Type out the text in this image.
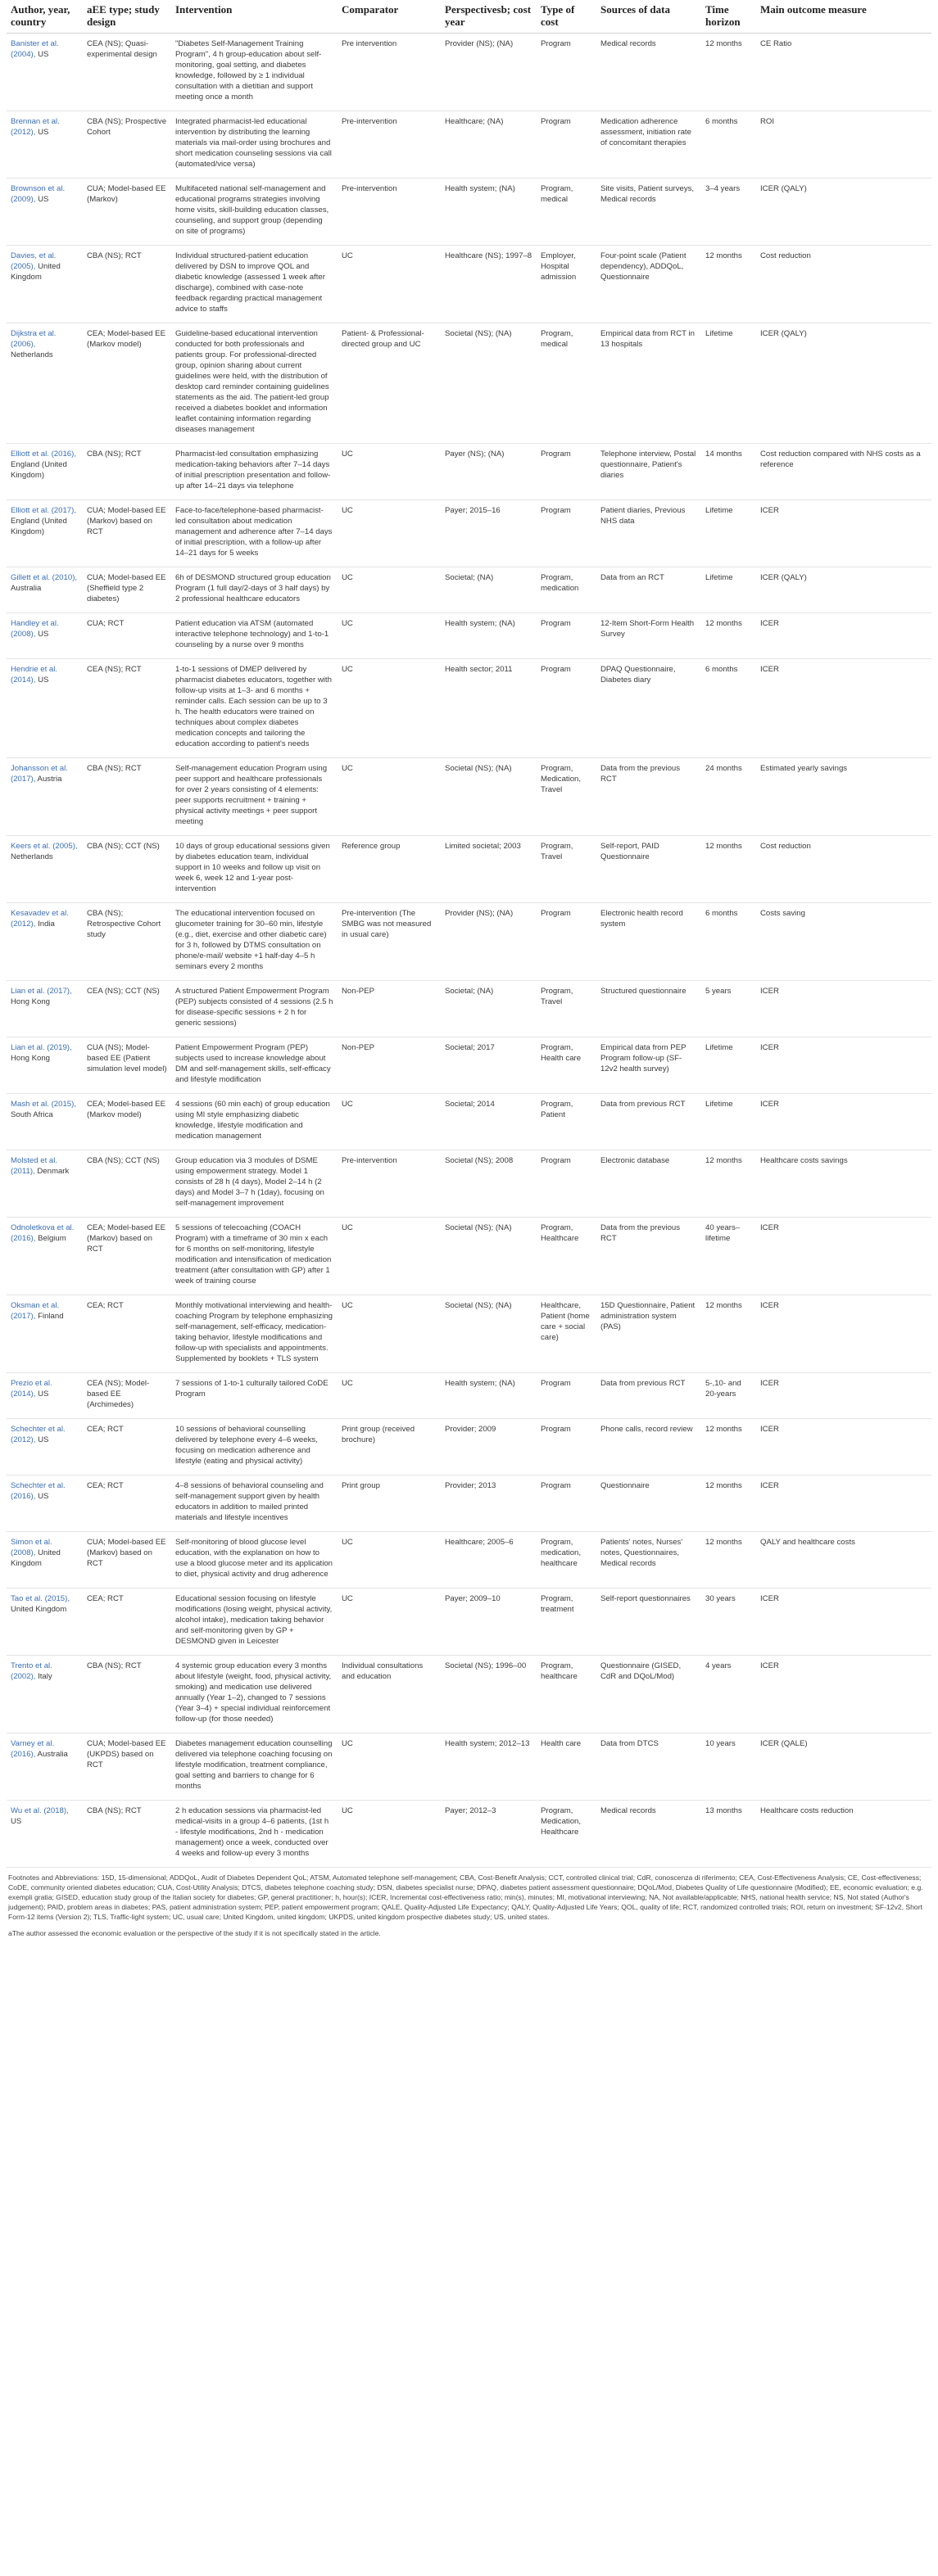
Author, year, country	aEE type; study design	Intervention	Comparator	Perspectivesb; cost year	Type of cost	Sources of data	Time horizon	Main outcome measure
Banister et al. (2004), US	CEA (NS); Quasi-experimental design	"Diabetes Self-Management Training Program", 4 h group-education about self-monitoring, goal setting, and diabetes knowledge, followed by ≥ 1 individual consultation with a dietitian and support meeting once a month	Pre intervention	Provider (NS); (NA)	Program	Medical records	12 months	CE Ratio
Brennan et al. (2012), US	CBA (NS); Prospective Cohort	Integrated pharmacist-led educational intervention by distributing the learning materials via mail-order using brochures and short medication counseling sessions via call (automated/vice versa)	Pre-intervention	Healthcare; (NA)	Program	Medication adherence assessment, initiation rate of concomitant therapies	6 months	ROI
Brownson et al. (2009), US	CUA; Model-based EE (Markov)	Multifaceted national self-management and educational programs strategies involving home visits, skill-building education classes, counseling, and support group (depending on site of programs)	Pre-intervention	Health system; (NA)	Program, medical	Site visits, Patient surveys, Medical records	3–4 years	ICER (QALY)
Davies, et al. (2005), United Kingdom	CBA (NS); RCT	Individual structured-patient education delivered by DSN to improve QOL and diabetic knowledge (assessed 1 week after discharge), combined with case-note feedback regarding practical management advice to staffs	UC	Healthcare (NS); 1997–8	Employer, Hospital admission	Four-point scale (Patient dependency), ADDQoL, Questionnaire	12 months	Cost reduction
Dijkstra et al. (2006), Netherlands	CEA; Model-based EE (Markov model)	Guideline-based educational intervention conducted for both professionals and patients group. For professional-directed group, opinion sharing about current guidelines were held, with the distribution of desktop card reminder containing guidelines statements as the aid. The patient-led group received a diabetes booklet and information leaflet containing information regarding diseases management	Patient- & Professional-directed group and UC	Societal (NS); (NA)	Program, medical	Empirical data from RCT in 13 hospitals	Lifetime	ICER (QALY)
Elliott et al. (2016), England (United Kingdom)	CBA (NS); RCT	Pharmacist-led consultation emphasizing medication-taking behaviors after 7–14 days of initial prescription presentation and follow-up after 14–21 days via telephone	UC	Payer (NS); (NA)	Program	Telephone interview, Postal questionnaire, Patient's diaries	14 months	Cost reduction compared with NHS costs as a reference
Elliott et al. (2017), England (United Kingdom)	CUA; Model-based EE (Markov) based on RCT	Face-to-face/telephone-based pharmacist-led consultation about medication management and adherence after 7–14 days of initial prescription, with a follow-up after 14–21 days for 5 weeks	UC	Payer; 2015–16	Program	Patient diaries, Previous NHS data	Lifetime	ICER
Gillett et al. (2010), Australia	CUA; Model-based EE (Sheffield type 2 diabetes)	6h of DESMOND structured group education Program (1 full day/2-days of 3 half days) by 2 professional healthcare educators	UC	Societal; (NA)	Program, medication	Data from an RCT	Lifetime	ICER (QALY)
Handley et al. (2008), US	CUA; RCT	Patient education via ATSM (automated interactive telephone technology) and 1-to-1 counseling by a nurse over 9 months	UC	Health system; (NA)	Program	12-Item Short-Form Health Survey	12 months	ICER
Hendrie et al. (2014), US	CEA (NS); RCT	1-to-1 sessions of DMEP delivered by pharmacist diabetes educators, together with follow-up visits at 1–3- and 6 months + reminder calls. Each session can be up to 3 h. The health educators were trained on techniques about complex diabetes medication concepts and tailoring the education according to patient's needs	UC	Health sector; 2011	Program	DPAQ Questionnaire, Diabetes diary	6 months	ICER
Johansson et al. (2017), Austria	CBA (NS); RCT	Self-management education Program using peer support and healthcare professionals for over 2 years consisting of 4 elements: peer supports recruitment + training + physical activity meetings + peer support meeting	UC	Societal (NS); (NA)	Program, Medication, Travel	Data from the previous RCT	24 months	Estimated yearly savings
Keers et al. (2005), Netherlands	CBA (NS); CCT (NS)	10 days of group educational sessions given by diabetes education team, individual support in 10 weeks and follow up visit on week 6, week 12 and 1-year post-intervention	Reference group	Limited societal; 2003	Program, Travel	Self-report, PAID Questionnaire	12 months	Cost reduction
Kesavadev et al. (2012), India	CBA (NS); Retrospective Cohort study	The educational intervention focused on glucometer training for 30–60 min, lifestyle (e.g., diet, exercise and other diabetic care) for 3 h, followed by DTMS consultation on phone/e-mail/ website +1 half-day 4–5 h seminars every 2 months	Pre-intervention (The SMBG was not measured in usual care)	Provider (NS); (NA)	Program	Electronic health record system	6 months	Costs saving
Lian et al. (2017), Hong Kong	CEA (NS); CCT (NS)	A structured Patient Empowerment Program (PEP) subjects consisted of 4 sessions (2.5 h for disease-specific sessions + 2 h for generic sessions)	Non-PEP	Societal; (NA)	Program, Travel	Structured questionnaire	5 years	ICER
Lian et al. (2019), Hong Kong	CUA (NS); Model-based EE (Patient simulation level model)	Patient Empowerment Program (PEP) subjects used to increase knowledge about DM and self-management skills, self-efficacy and lifestyle modification	Non-PEP	Societal; 2017	Program, Health care	Empirical data from PEP Program follow-up (SF-12v2 health survey)	Lifetime	ICER
Mash et al. (2015), South Africa	CEA; Model-based EE (Markov model)	4 sessions (60 min each) of group education using MI style emphasizing diabetic knowledge, lifestyle modification and medication management	UC	Societal; 2014	Program, Patient	Data from previous RCT	Lifetime	ICER
Molsted et al. (2011), Denmark	CBA (NS); CCT (NS)	Group education via 3 modules of DSME using empowerment strategy. Model 1 consists of 28 h (4 days), Model 2–14 h (2 days) and Model 3–7 h (1day), focusing on self-management improvement	Pre-intervention	Societal (NS); 2008	Program	Electronic database	12 months	Healthcare costs savings
Odnoletkova et al. (2016), Belgium	CEA; Model-based EE (Markov) based on RCT	5 sessions of telecoaching (COACH Program) with a timeframe of 30 min x each for 6 months on self-monitoring, lifestyle modification and intensification of medication treatment (after consultation with GP) after 1 week of training course	UC	Societal (NS); (NA)	Program, Healthcare	Data from the previous RCT	40 years–lifetime	ICER
Oksman et al. (2017), Finland	CEA; RCT	Monthly motivational interviewing and health-coaching Program by telephone emphasizing self-management, self-efficacy, medication-taking behavior, lifestyle modifications and follow-up with specialists and appointments. Supplemented by booklets + TLS system	UC	Societal (NS); (NA)	Healthcare, Patient (home care + social care)	15D Questionnaire, Patient administration system (PAS)	12 months	ICER
Prezio et al. (2014), US	CEA (NS); Model-based EE (Archimedes)	7 sessions of 1-to-1 culturally tailored CoDE Program	UC	Health system; (NA)	Program	Data from previous RCT	5-,10- and 20-years	ICER
Schechter et al. (2012), US	CEA; RCT	10 sessions of behavioral counselling delivered by telephone every 4–6 weeks, focusing on medication adherence and lifestyle (eating and physical activity)	Print group (received brochure)	Provider; 2009	Program	Phone calls, record review	12 months	ICER
Schechter et al. (2016), US	CEA; RCT	4–8 sessions of behavioral counseling and self-management support given by health educators in addition to mailed printed materials and lifestyle incentives	Print group	Provider; 2013	Program	Questionnaire	12 months	ICER
Simon et al. (2008), United Kingdom	CUA; Model-based EE (Markov) based on RCT	Self-monitoring of blood glucose level education, with the explanation on how to use a blood glucose meter and its application to diet, physical activity and drug adherence	UC	Healthcare; 2005–6	Program, medication, healthcare	Patients' notes, Nurses' notes, Questionnaires, Medical records	12 months	QALY and healthcare costs
Tao et al. (2015), United Kingdom	CEA; RCT	Educational session focusing on lifestyle modifications (losing weight, physical activity, alcohol intake), medication taking behavior and self-monitoring given by GP + DESMOND given in Leicester	UC	Payer; 2009–10	Program, treatment	Self-report questionnaires	30 years	ICER
Trento et al. (2002), Italy	CBA (NS); RCT	4 systemic group education every 3 months about lifestyle (weight, food, physical activity, smoking) and medication use delivered annually (Year 1–2), changed to 7 sessions (Year 3–4) + special individual reinforcement follow-up (for those needed)	Individual consultations and education	Societal (NS); 1996–00	Program, healthcare	Questionnaire (GISED, CdR and DQoL/Mod)	4 years	ICER
Varney et al. (2016), Australia	CUA; Model-based EE (UKPDS) based on RCT	Diabetes management education counselling delivered via telephone coaching focusing on lifestyle modification, treatment compliance, goal setting and barriers to change for 6 months	UC	Health system; 2012–13	Health care	Data from DTCS	10 years	ICER (QALE)
Wu et al. (2018), US	CBA (NS); RCT	2 h education sessions via pharmacist-led medical-visits in a group 4–6 patients, (1st h - lifestyle modifications, 2nd h - medication management) once a week, conducted over 4 weeks and follow-up every 3 months	UC	Payer; 2012–3	Program, Medication, Healthcare	Medical records	13 months	Healthcare costs reduction
Footnotes and Abbreviations: 15D, 15-dimensional; ADDQoL, Audit of Diabetes Dependent QoL; ATSM, Automated telephone self-management; CBA, Cost-Benefit Analysis; CCT, controlled clinical trial; CdR, conoscenza di riferimento; CEA, Cost-Effectiveness Analysis; CE, Cost-effectiveness; CoDE, community oriented diabetes education; CUA, Cost-Utility Analysis; DTCS, diabetes telephone coaching study; DSN, diabetes specialist nurse; DPAQ, diabetes patient assessment questionnaire; DQoL/Mod, Diabetes Quality of Life questionnaire (Modified); EE, economic evaluation; e.g. exempli gratia; GISED, education study group of the Italian society for diabetes; GP, general practitioner; h, hour(s); ICER, Incremental cost-effectiveness ratio; min(s), minutes; MI, motivational interviewing; NA, Not available/applicable; NHS, national health service; NS, Not stated (Author's judgement); PAID, problem areas in diabetes; PAS, patient administration system; PEP, patient empowerment program; QALE, Quality-Adjusted Life Expectancy; QALY, Quality-Adjusted Life Years; QOL, quality of life; RCT, randomized controlled trials; ROI, return on investment; SF-12v2, Short Form-12 items (Version 2); TLS, Traffic-light system; UC, usual care; United Kingdom, united kingdom; UKPDS, united kingdom prospective diabetes study; US, united states.
aThe author assessed the economic evaluation or the perspective of the study if it is not specifically stated in the article.
